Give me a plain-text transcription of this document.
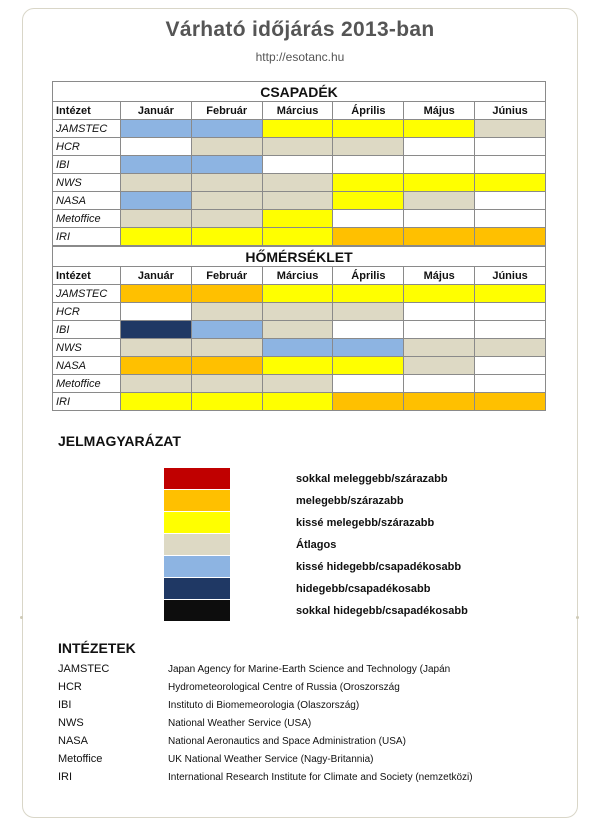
Várható időjárás 2013-ban
http://esotanc.hu
CSAPADÉK						
Intézet	Január	Február	Március	Április	Május	Június
JAMSTEC						
HCR						
IBI						
NWS						
NASA						
Metoffice						
IRI						
HŐMÉRSÉKLET						
Intézet	Január	Február	Március	Április	Május	Június
JAMSTEC						
HCR						
IBI						
NWS						
NASA						
Metoffice						
IRI						
JELMAGYARÁZAT
sokkal meleggebb/szárazabb
melegebb/szárazabb
kissé melegebb/szárazabb
Átlagos
kissé hidegebb/csapadékosabb
hidegebb/csapadékosabb
sokkal hidegebb/csapadékosabb
INTÉZETEK
JAMSTEC	Japan Agency for Marine-Earth Science and Technology (Japán
HCR	Hydrometeorological Centre of Russia (Oroszország
IBI	Instituto di Biomemeorologia (Olaszország)
NWS	National Weather Service (USA)
NASA	National Aeronautics and Space Administration (USA)
Metoffice	UK National Weather Service (Nagy-Britannia)
IRI	International Research Institute for Climate and Society (nemzetközi)
